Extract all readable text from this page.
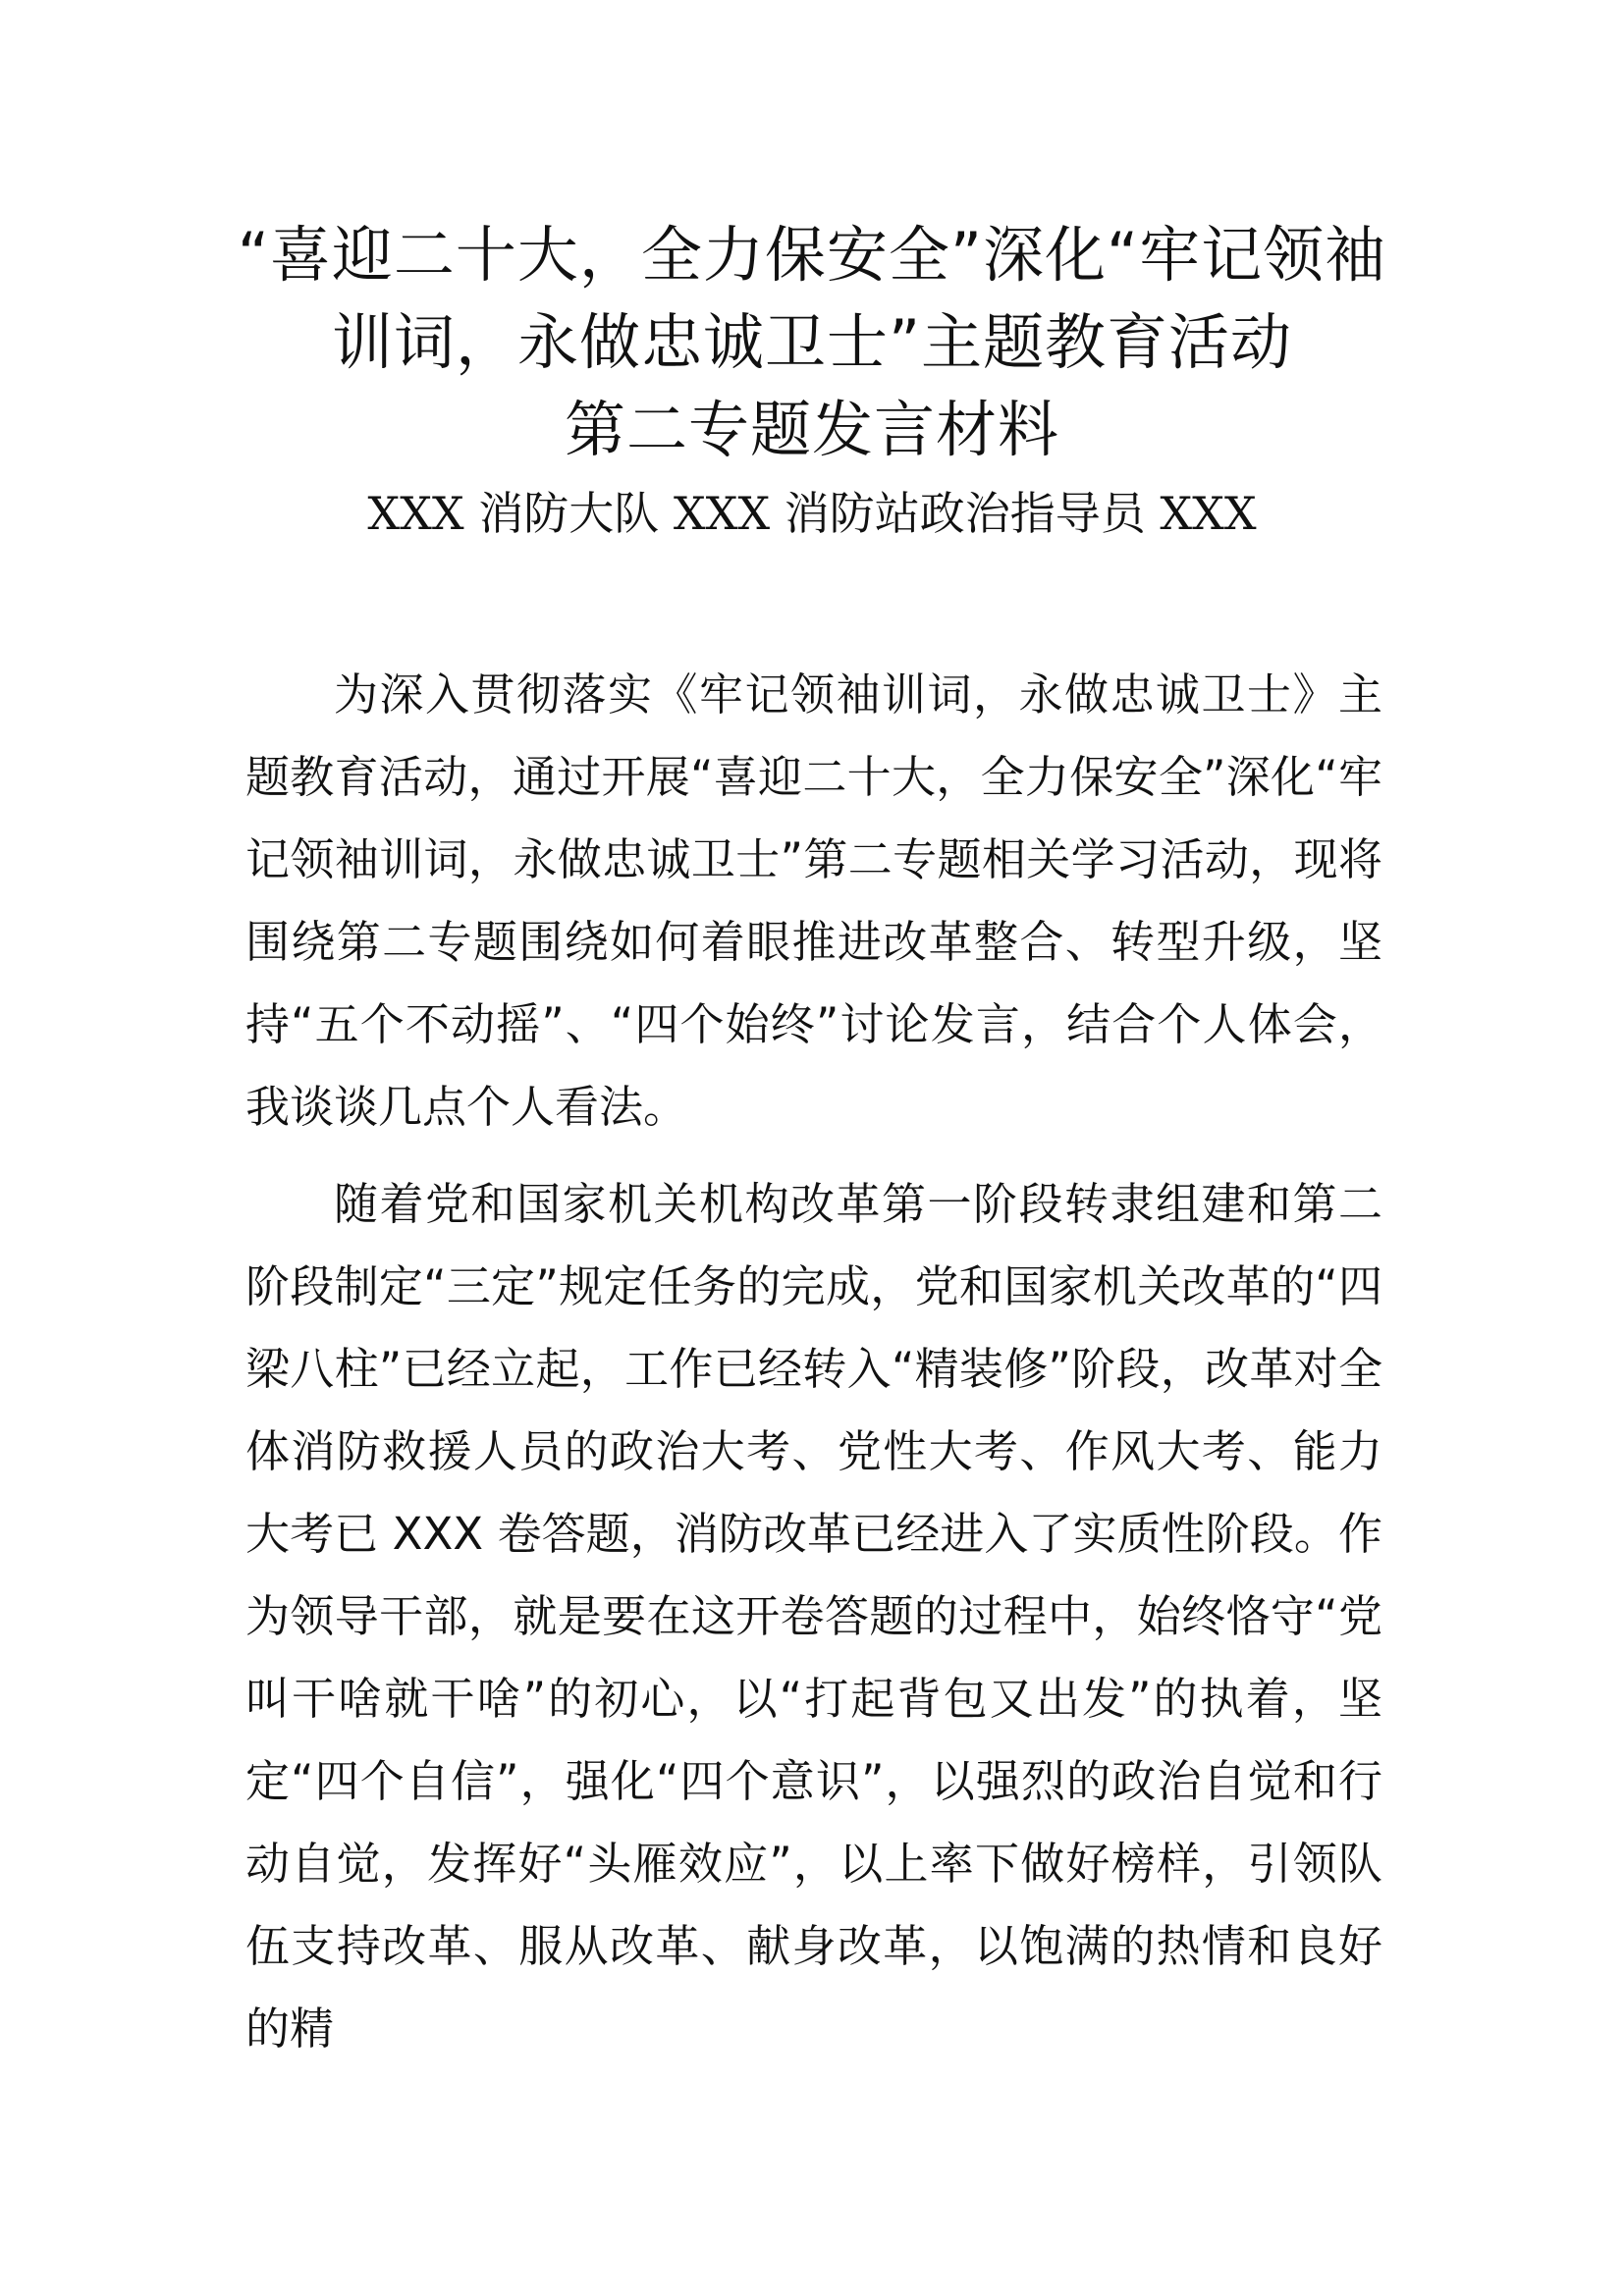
“喜迎二十大，全力保安全”深化“牢记领袖
训词，永做忠诚卫士”主题教育活动
第二专题发言材料
XXX 消防大队 XXX 消防站政治指导员 XXX

为深入贯彻落实《牢记领袖训词，永做忠诚卫士》主题教育活动，通过开展“喜迎二十大，全力保安全”深化“牢记领袖训词，永做忠诚卫士”第二专题相关学习活动，现将围绕第二专题围绕如何着眼推进改革整合、转型升级，坚持“五个不动摇”、“四个始终”讨论发言，结合个人体会，我谈谈几点个人看法。

随着党和国家机关机构改革第一阶段转隶组建和第二阶段制定“三定”规定任务的完成，党和国家机关改革的“四梁八柱”已经立起，工作已经转入“精装修”阶段，改革对全体消防救援人员的政治大考、党性大考、作风大考、能力大考已 XXX 卷答题，消防改革已经进入了实质性阶段。作为领导干部，就是要在这开卷答题的过程中，始终恪守“党叫干啥就干啥”的初心，以“打起背包又出发”的执着，坚定“四个自信”，强化“四个意识”，以强烈的政治自觉和行动自觉，发挥好“头雁效应”，以上率下做好榜样，引领队伍支持改革、服从改革、献身改革，以饱满的热情和良好的精
